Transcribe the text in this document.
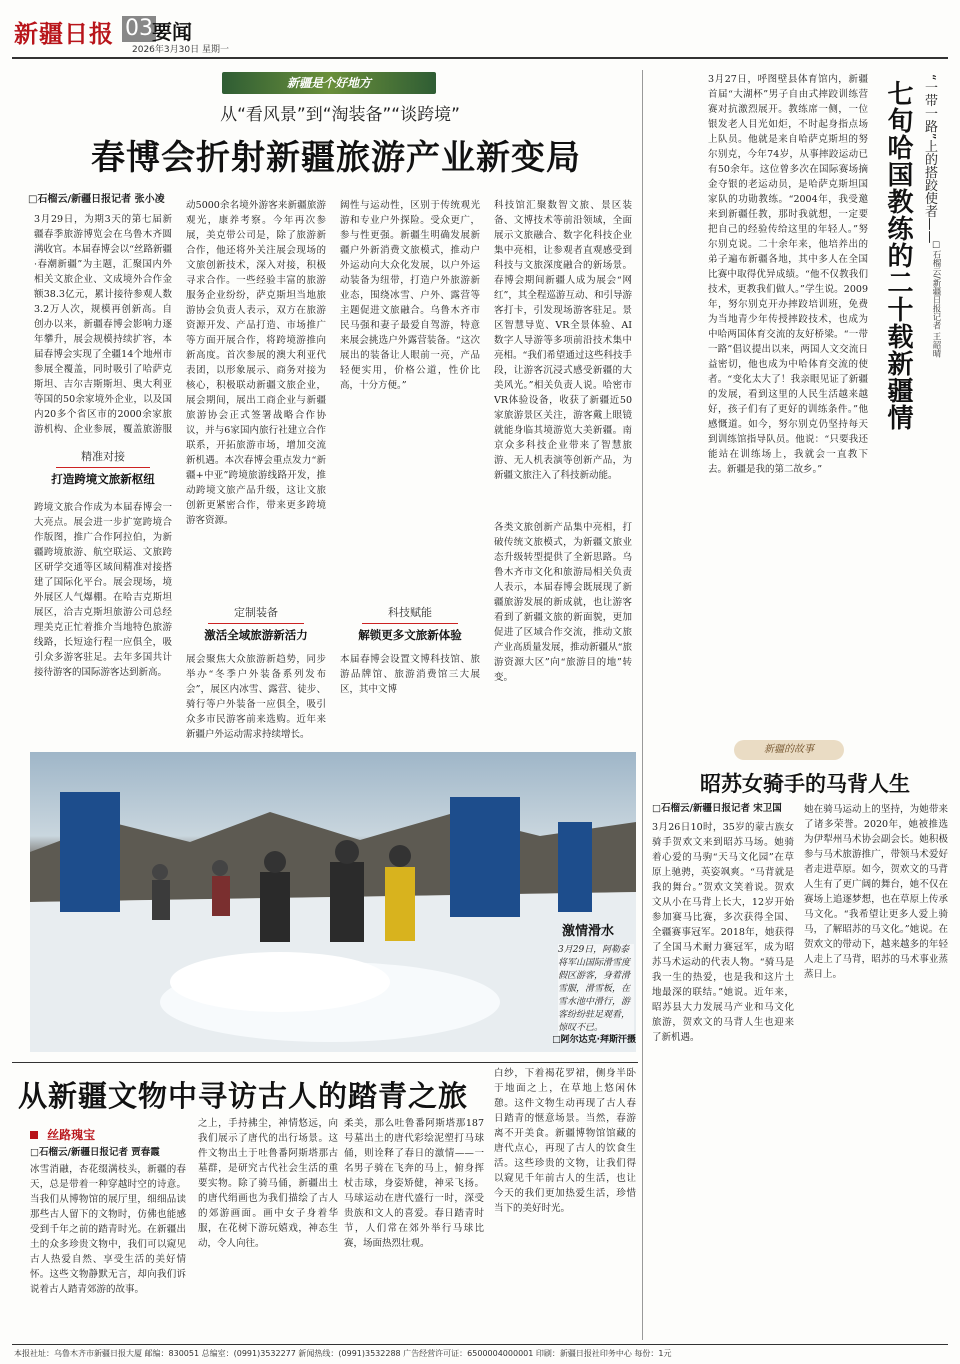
新疆日报 03 要闻
2026年3月30日 星期一
新疆是个好地方
从“看风景”到“淘装备”“谈跨境”
春博会折射新疆旅游产业新变局
□石榴云/新疆日报记者 张小凌
3月29日，为期3天的第七届新疆春季旅游博览会在乌鲁木齐圆满收官。本届春博会以“丝路新疆·春潮新疆”为主题，汇聚国内外相关文旅企业、文成境外合作金额38.3亿元，累计接待参观人数3.2万人次，规模再创新高。自创办以来，新疆春博会影响力逐年攀升，展会规模持续扩容，本届春博会实现了全疆14个地州市参展全覆盖，同时吸引了哈萨克斯坦、吉尔吉斯斯坦、奥大利亚等国的50余家境外企业，以及国内20多个省区市的2000余家旅游机构、企业参展，覆盖旅游服
精准对接
打造跨境文旅新枢纽
跨境文旅合作成为本届春博会一大亮点。展会进一步扩宽跨境合作版图，推广合作阿拉伯，为新疆跨境旅游、航空联运、文旅跨区研学交通等区域间精准对接搭建了国际化平台。展会现场，境外展区人气爆棚。在哈吉克斯坦展区，洽吉克斯坦旅游公司总经理美克正忙着推介当地特色旅游线路，长短途行程一应俱全，吸引众多游客驻足。去年多国共计接待游客的国际游客达到新高。
动5000余名境外游客来新疆旅游观光，康养考察。今年再次参展，美克带公司是，除了旅游新合作，他还将外关注展会现场的文旅创新技术，深入对接，积极寻求合作。一些经验丰富的旅游服务企业纷纷，萨克斯坦当地旅游协会负责人表示，双方在旅游资源开发、产品打造、市场推广等方面开展合作，将跨境游推向新高度。首次参展的澳大利亚代表团，以形象展示、商务对接为核心，积极联动新疆文旅企业，展会期间，展出工商企业与新疆旅游协会正式签署战略合作协议，并与6家国内旅行社建立合作联系，开拓旅游市场，增加交流新机遇。本次春博会重点发力“新疆+中亚”跨境旅游线路开发，推动跨境文旅产品升级，这让文旅创新更紧密合作，带来更多跨境游客资源。
定制装备
激活全域旅游新活力
展会聚焦大众旅游新趋势，同步举办“冬季户外装备系列发布会”，展区内冰雪、露营、徒步、骑行等户外装备一应俱全，吸引众多市民游客前来选购。近年来新疆户外运动需求持续增长。
阔性与运动性，区别于传统观光游和专业户外探险。受众更广，参与性更强。新疆生明确发展新疆户外新消费文旅模式，推动户外运动向大众化发展，以户外运动装备为纽带，打造户外旅游新业态，围绕冰雪、户外、露营等主题促进文旅融合。乌鲁木齐市民马强和妻子最爱自驾游，特意来展会挑选户外露营装备。“这次展出的装备让人眼前一亮，产品轻便实用，价格公道，性价比高，十分方便。”
科技赋能
解锁更多文旅新体验
本届春博会设置文博科技馆、旅游品牌馆、旅游消费馆三大展区，其中文博
科技馆汇聚数智文旅、景区装备、文博技术等前沿领域，全面展示文旅融合、数字化科技企业集中亮相，让参观者直观感受到科技与文旅深度融合的新场景。春博会期间新疆人成为展会“网红”，其全程巡游互动、和引导游客打卡，引发现场游客驻足。景区智慧导览、VR全景体验、AI数字人导游等多项前沿技术集中亮相。“我们希望通过这些科技手段，让游客沉浸式感受新疆的大美风光。”相关负责人说。哈密市VR体验设备，收获了新疆近50家旅游景区关注，游客戴上眼镜就能身临其境游览大美新疆。南京众多科技企业带来了智慧旅游、无人机表演等创新产品，为新疆文旅注入了科技新动能。
各类文旅创新产品集中亮相，打破传统文旅模式，为新疆文旅业态升级转型提供了全新思路。乌鲁木齐市文化和旅游局相关负责人表示，本届春博会既展现了新疆旅游发展的新成就，也让游客看到了新疆文旅的新面貌，更加促进了区域合作交流，推动文旅产业高质量发展，推动新疆从“旅游资源大区”向“旅游目的地”转变。
激情滑水
3月29日，阿勒泰将军山国际滑雪度假区游客，身着滑雪服，滑雪板，在雪水池中滑行，游客纷纷驻足观看，惊叹不已。
□阿尔达克·拜斯汗摄
3月27日，呼图壁县体育馆内，新疆首届“大湖杯”男子自由式摔跤训练营赛对抗激烈展开。教练席一侧，一位银发老人目光如炬，不时起身指点场上队员。他就是来自哈萨克斯坦的努尔别克，今年74岁，从事摔跤运动已有50余年。这位曾多次在国际赛场摘金夺银的老运动员，是哈萨克斯坦国家队的功勋教练。“2004年，我受邀来到新疆任教，那时我就想，一定要把自己的经验传给这里的年轻人。”努尔别克说。二十余年来，他培养出的弟子遍布新疆各地，其中多人在全国比赛中取得优异成绩。“他不仅教我们技术，更教我们做人。”学生说。2009年，努尔别克开办摔跤培训班，免费为当地青少年传授摔跤技术，也成为中哈两国体育交流的友好桥梁。“一带一路”倡议提出以来，两国人文交流日益密切，他也成为中哈体育交流的使者。“变化太大了！我亲眼见证了新疆的发展，看到这里的人民生活越来越好，孩子们有了更好的训练条件。”他感慨道。如今，努尔别克仍坚持每天到训练馆指导队员。他说：“只要我还能站在训练场上，我就会一直教下去。新疆是我的第二故乡。”
“一带一路”上的搭跤使者——
七旬哈国教练的二十载新疆情	□石榴云/新疆日报记者 王韶晴
新疆的故事
昭苏女骑手的马背人生
□石榴云/新疆日报记者 宋卫国
3月26日10时，35岁的蒙古族女骑手贺欢文来到昭苏马场。她骑着心爱的马驹“天马文化园”在草原上驰骋，英姿飒爽。“马背就是我的舞台。”贺欢文笑着说。贺欢文从小在马背上长大，12岁开始参加赛马比赛，多次获得全国、全疆赛事冠军。2018年，她获得了全国马术耐力赛冠军，成为昭苏马术运动的代表人物。“骑马是我一生的热爱，也是我和这片土地最深的联结。”她说。近年来，昭苏县大力发展马产业和马文化旅游，贺欢文的马背人生也迎来了新机遇。
她在骑马运动上的坚持，为她带来了诸多荣誉。2020年，她被推选为伊犁州马术协会副会长。她积极参与马术旅游推广，带领马术爱好者走进草原。如今，贺欢文的马背人生有了更广阔的舞台，她不仅在赛场上追逐梦想，也在草原上传承马文化。“我希望让更多人爱上骑马，了解昭苏的马文化。”她说。在贺欢文的带动下，越来越多的年轻人走上了马背，昭苏的马术事业蒸蒸日上。
从新疆文物中寻访古人的踏青之旅
丝路瑰宝
□石榴云/新疆日报记者 贾春霞
冰雪消融，杏花缀满枝头，新疆的春天，总是带着一种穿越时空的诗意。当我们从博物馆的展厅里，细细品读那些古人留下的文物时，仿佛也能感受到千年之前的踏青时光。在新疆出土的众多珍贵文物中，我们可以窥见古人热爱自然、享受生活的美好情怀。这些文物静默无言，却向我们诉说着古人踏青郊游的故事。
之上，手持拂尘，神情悠远，向我们展示了唐代的出行场景。这件文物出土于吐鲁番阿斯塔那古墓群，是研究古代社会生活的重要实物。除了骑马俑，新疆出土的唐代绢画也为我们描绘了古人的郊游画面。画中女子身着华服，在花树下游玩嬉戏，神态生动，令人向往。
柔美，那么吐鲁番阿斯塔那187号墓出土的唐代彩绘泥塑打马球俑，则诠释了春日的激情——一名男子骑在飞奔的马上，俯身挥杖击球，身姿矫健，神采飞扬。马球运动在唐代盛行一时，深受贵族和文人的喜爱。春日踏青时节，人们常在郊外举行马球比赛，场面热烈壮观。
白纱，下着褐花罗裙，侧身半卧于地面之上，在草地上悠闲休憩。这件文物生动再现了古人春日踏青的惬意场景。当然，春游离不开美食。新疆博物馆馆藏的唐代点心，再现了古人的饮食生活。这些珍贵的文物，让我们得以窥见千年前古人的生活，也让今天的我们更加热爱生活，珍惜当下的美好时光。
本报社址：乌鲁木齐市新疆日报大厦 邮编：830051 总编室：(0991)3532277 新闻热线：(0991)3532288 广告经营许可证：6500004000001 印刷：新疆日报社印务中心 每份：1元
